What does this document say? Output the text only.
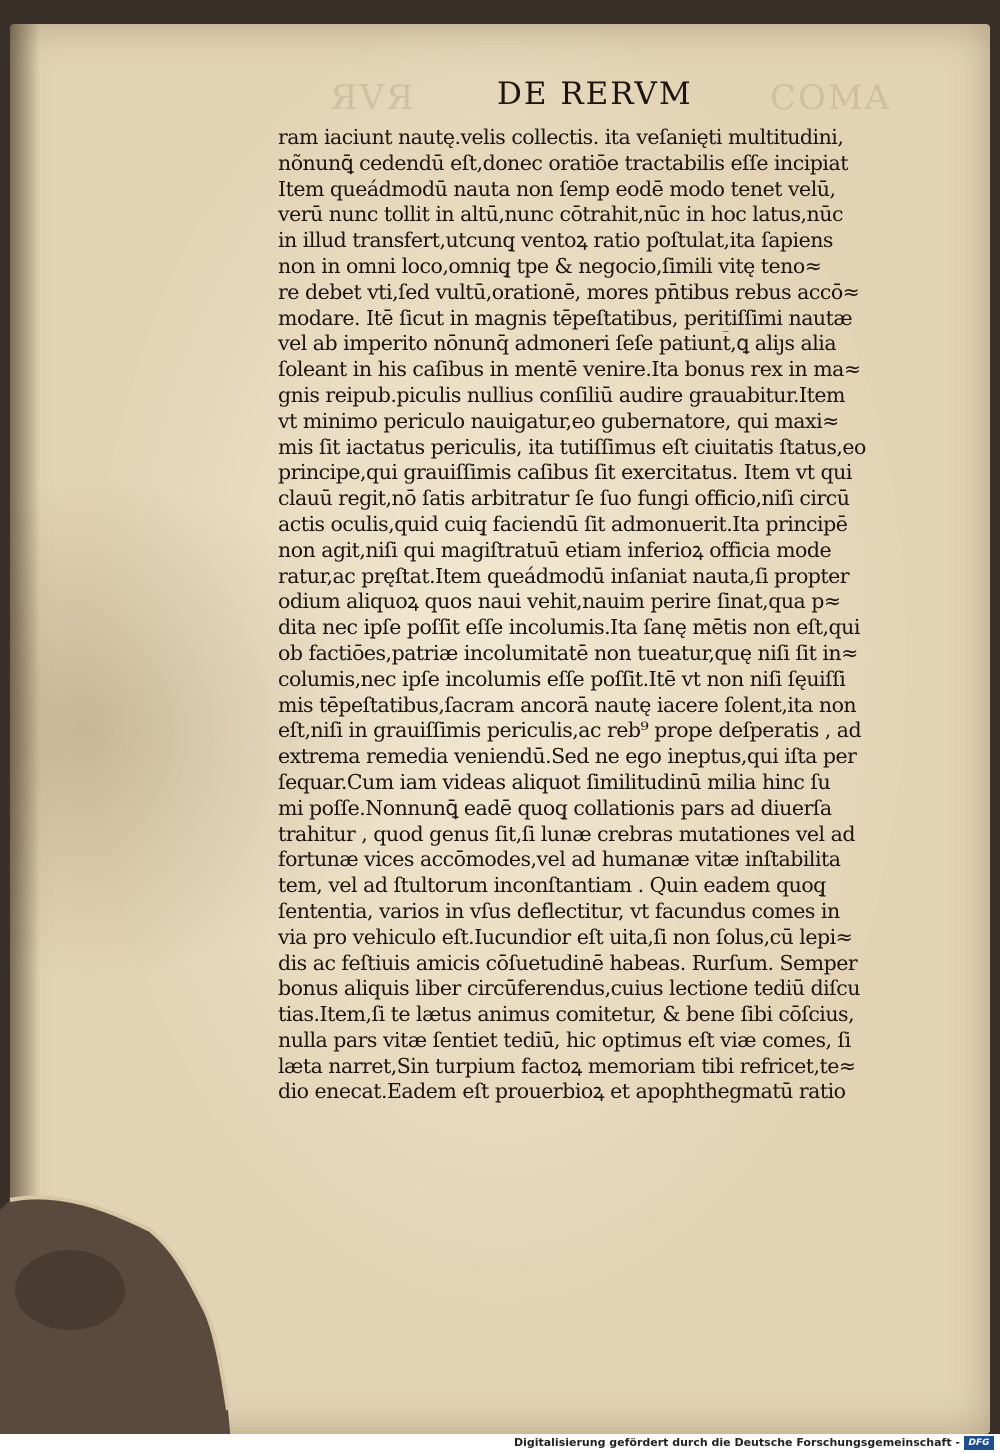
ЯVЯ	COMA
DE RERVM
ram iaciunt nautę.velis collectis. ita veſanięti multitudini,
nõnunꝗ̄ cedendū eſt,donec oratiōe tractabilis eſſe incipiat
Item queádmodū nauta non ſemp eodē modo tenet velū,
verū nunc tollit in altū,nunc cōtrahit,nūc in hoc latus,nūc
in illud transfert,utcunq̧ ventoꝝ ratio poſtulat,ita ſapiens
non in omni loco,omniq̧ tpe & negocio,ſimili vitę teno≈
re debet vti,ſed vultū,orationē, mores pn̄tibus rebus accō≈
modare. Itē ſicut in magnis tēpeſtatibus, peritiſſimi nautæ
vel ab imperito nōnunq̄ admoneri ſeſe patiunt̄,ꝗ aliȷs alia
ſoleant in his caſibus in mentē venire.Ita bonus rex in ma≈
gnis reipub.piculis nullius conſiliū audire grauabitur.Item
vt minimo periculo nauigatur,eo gubernatore, qui maxi≈
mis ſit iactatus periculis, ita tutiſſimus eſt ciuitatis ſtatus,eo
principe,qui grauiſſimis caſibus ſit exercitatus. Item vt qui
clauū regit,nō ſatis arbitratur ſe ſuo fungi officio,niſi circū
actis oculis,quid cuiq̧ faciendū ſit admonuerit.Ita principē
non agit,niſi qui magiſtratuū etiam inferioꝝ officia mode
ratur,ac pręſtat.Item queádmodū inſaniat nauta,ſi propter
odium aliquoꝝ quos naui vehit,nauim perire ſinat,qua p≈
dita nec ipſe poſſit eſſe incolumis.Ita ſanę mētis non eſt,qui
ob factiōes,patriæ incolumitatē non tueatur,quę niſi ſit in≈
columis,nec ipſe incolumis eſſe poſſit.Itē vt non niſi ſęuiſſi
mis tēpeſtatibus,ſacram ancorā nautę iacere ſolent,ita non
eſt,niſi in grauiſſimis periculis,ac reb⁹ prope deſperatis , ad
extrema remedia veniendū.Sed ne ego ineptus,qui iſta per
ſequar.Cum iam videas aliquot ſimilitudinū milia hinc ſu
mi poſſe.Nonnunꝗ̄ eadē quoq̧ collationis pars ad diuerſa
trahitur , quod genus ſit,ſi lunæ crebras mutationes vel ad
fortunæ vices accōmodes,vel ad humanæ vitæ inſtabilita
tem, vel ad ſtultorum inconſtantiam . Quin eadem quoq̧
ſententia, varios in vſus deflectitur, vt facundus comes in
via pro vehiculo eſt.Iucundior eſt uita,ſi non ſolus,cū lepi≈
dis ac feſtiuis amicis cōſuetudinē habeas. Rurſum. Semper
bonus aliquis liber circūferendus,cuius lectione tediū diſcu
tias.Item,ſi te lætus animus comitetur, & bene ſibi cōſcius,
nulla pars vitæ ſentiet tediū, hic optimus eſt viæ comes, ſi
læta narret,Sin turpium factoꝝ memoriam tibi refricet,te≈
dio enecat.Eadem eſt prouerbioꝝ et apophthegmatū ratio
Digitalisierung gefördert durch die Deutsche Forschungsgemeinschaft - DFG
